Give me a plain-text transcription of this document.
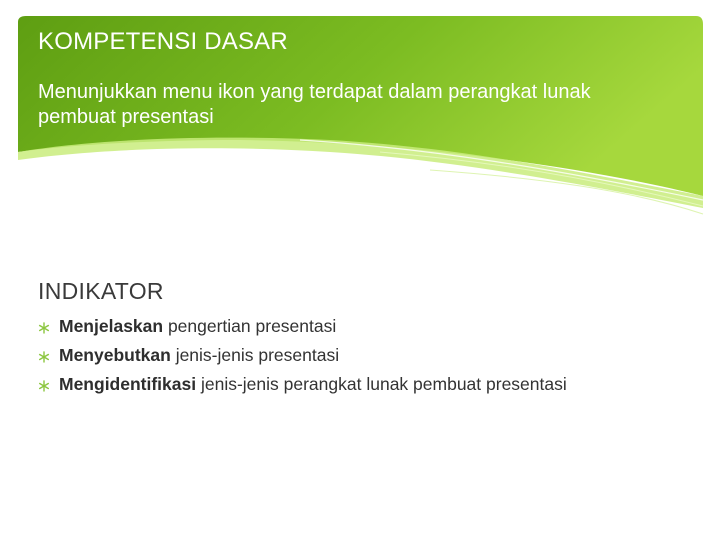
KOMPETENSI DASAR
Menunjukkan menu ikon yang terdapat dalam perangkat lunak pembuat presentasi
INDIKATOR
Menjelaskan pengertian presentasi
Menyebutkan jenis-jenis presentasi
Mengidentifikasi jenis-jenis perangkat lunak pembuat presentasi
